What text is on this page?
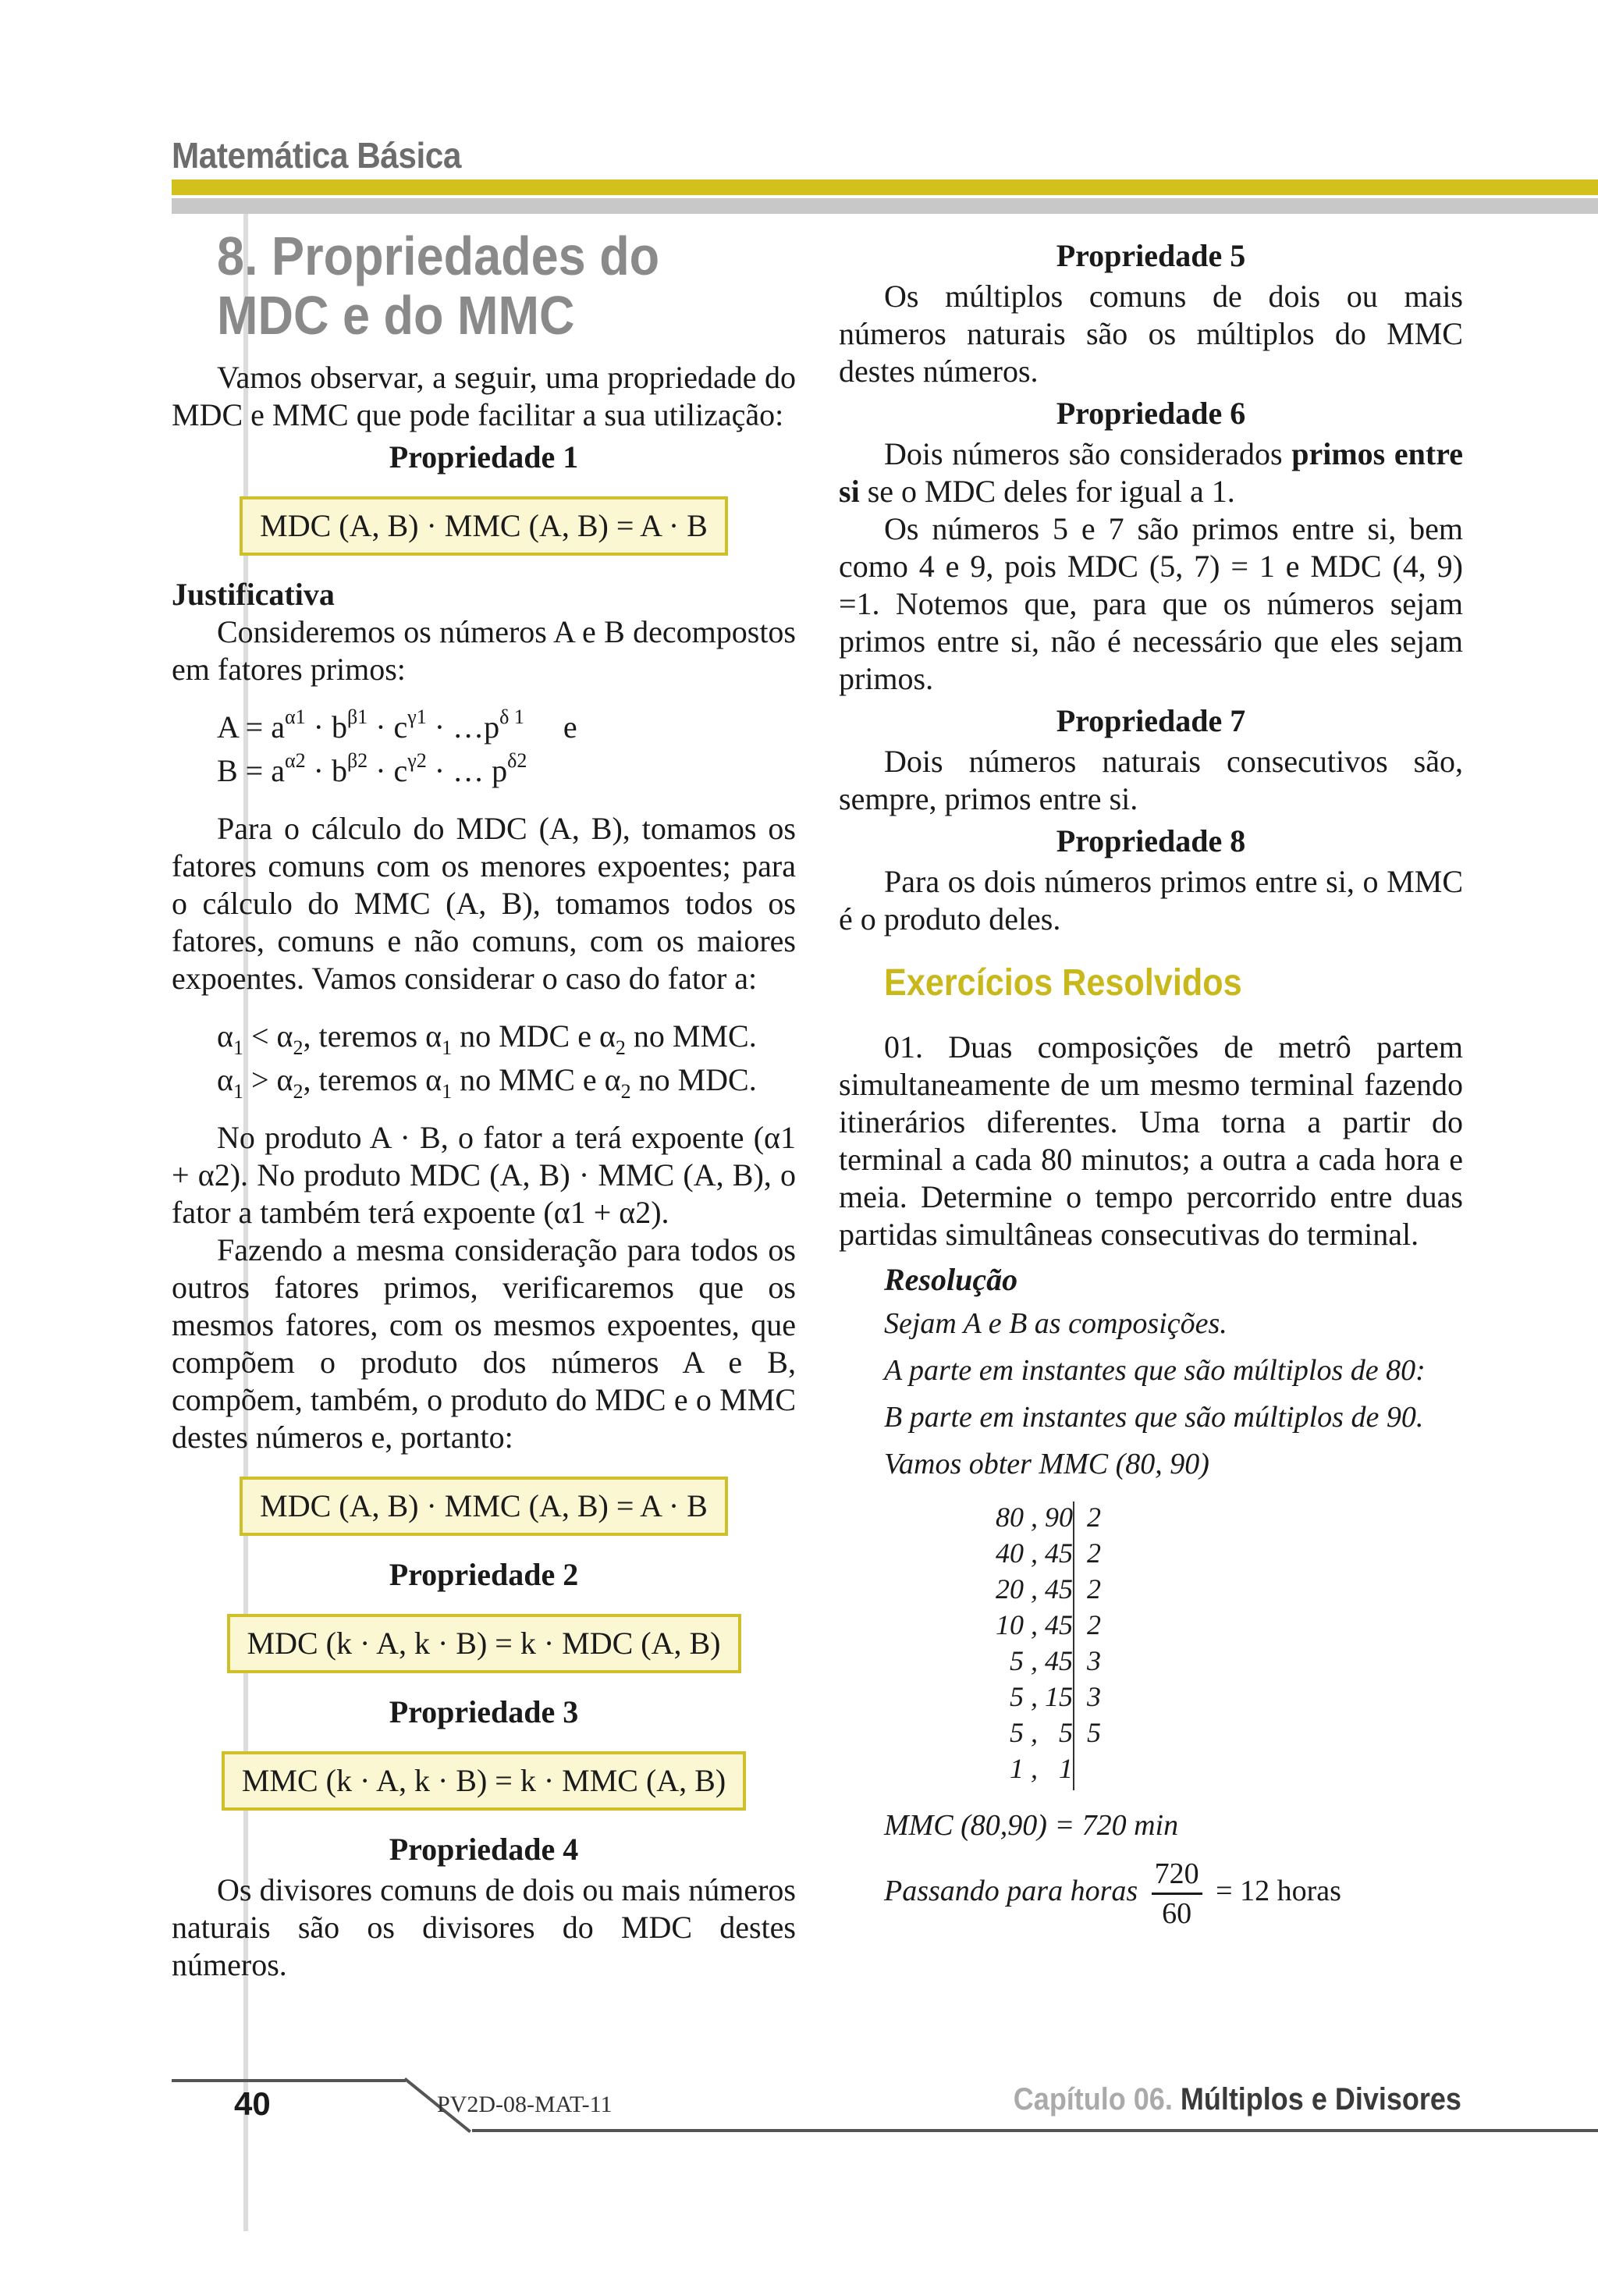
Matemática Básica
8. Propriedades do MDC e do MMC

Vamos observar, a seguir, uma propriedade do MDC e MMC que pode facilitar a sua utilização:

Propriedade 1
MDC (A, B) · MMC (A, B) = A · B
Justificativa

Consideremos os números A e B decompostos em fatores primos:

$A = a^{\alpha 1} \cdot b^{\beta 1} \cdot c^{\gamma 1}$ · $\dots p^{\delta 1}$ e
$B = a^{\alpha 2} \cdot b^{\beta 2} \cdot c^{\gamma 2}$ · … $p^{\delta 2}$

Para o cálculo do MDC (A, B), tomamos os fatores comuns com os menores expoentes; para o cálculo do MMC (A, B), tomamos todos os fatores, comuns e não comuns, com os maiores expoentes. Vamos considerar o caso do fator a:

$\alpha_1 < \alpha_2$, teremos $\alpha_1$ no MDC e $\alpha_2$ no MMC.
$\alpha_1 > \alpha_2$, teremos $\alpha_1$ no MMC e $\alpha_2$ no MDC.

No produto A · B, o fator a terá expoente (α1 + α2). No produto MDC (A, B) · MMC (A, B), o fator a também terá expoente (α1 + α2).

Fazendo a mesma consideração para todos os outros fatores primos, verificaremos que os mesmos fatores, com os mesmos expoentes, que compõem o produto dos números A e B, compõem, também, o produto do MDC e o MMC destes números e, portanto:

MDC (A, B) · MMC (A, B) = A · B
Propriedade 2
MDC (k · A, k · B) = k · MDC (A, B)
Propriedade 3
MMC (k · A, k · B) = k · MMC (A, B)
Propriedade 4

Os divisores comuns de dois ou mais números naturais são os divisores do MDC destes números.

Propriedade 5

Os múltiplos comuns de dois ou mais números naturais são os múltiplos do MMC destes números.

Propriedade 6

Dois números são considerados primos entre si se o MDC deles for igual a 1.

Os números 5 e 7 são primos entre si, bem como 4 e 9, pois MDC (5, 7) = 1 e MDC (4, 9) =1. Notemos que, para que os números sejam primos entre si, não é necessário que eles sejam primos.

Propriedade 7

Dois números naturais consecutivos são, sempre, primos entre si.

Propriedade 8

Para os dois números primos entre si, o MMC é o produto deles.

Exercícios Resolvidos

01. Duas composições de metrô partem simultaneamente de um mesmo terminal fazendo itinerários diferentes. Uma torna a partir do terminal a cada 80 minutos; a outra a cada hora e meia. Determine o tempo percorrido entre duas partidas simultâneas consecutivas do terminal.

Resolução
Sejam A e B as composições.
A parte em instantes que são múltiplos de 80:
B parte em instantes que são múltiplos de 90.
Vamos obter MMC (80, 90)
80 , 90 2
40 , 45 2
20 , 45 2
10 , 45 2
5 , 45 3
5 , 15 3
5 ,   5 5
1 ,   1
MMC (80,90) = 720 min
Passando para horas $\frac{720}{60} = 12$ horas
40	PV2D-08-MAT-11	Capítulo 06. Múltiplos e Divisores
